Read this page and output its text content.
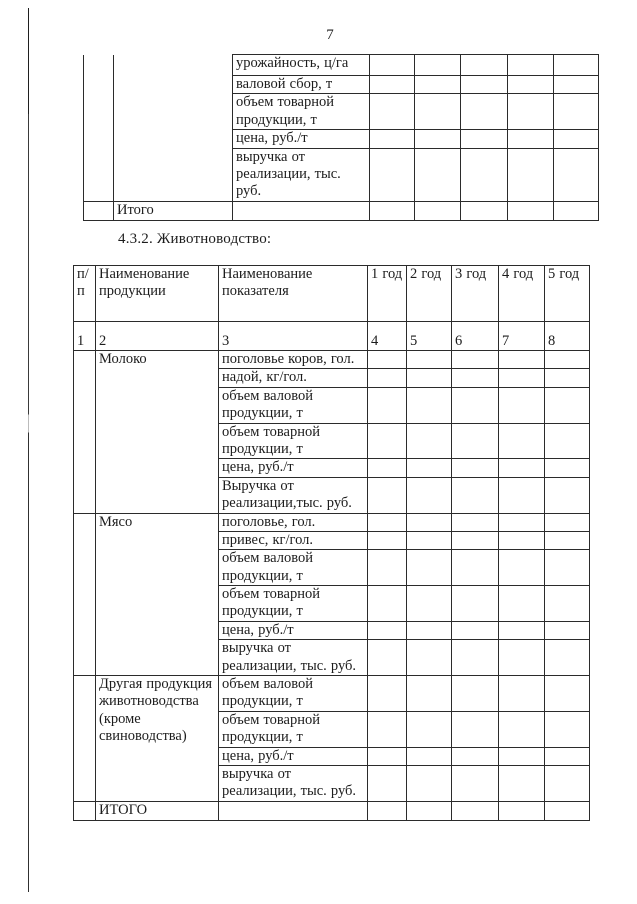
7
		урожайность, ц/га					
		валовой сбор, т					
		объем товарной продукции, т					
		цена, руб./т					
		выручка от реализации, тыс. руб.					
	Итого						
4.3.2. Животноводство:
п/п	Наименование продукции	Наименование показателя	1 год	2 год	3 год	4 год	5 год
1	2	3	4	5	6	7	8
	Молоко	поголовье коров, гол.					
		надой, кг/гол.					
		объем валовой продукции, т					
		объем товарной продукции, т					
		цена, руб./т					
		Выручка от реализации,тыс. руб.					
	Мясо	поголовье, гол.					
		привес, кг/гол.					
		объем валовой продукции, т					
		объем товарной продукции, т					
		цена, руб./т					
		выручка от реализации, тыс. руб.					
	Другая продукция животноводства (кроме свиноводства)	объем валовой продукции, т					
		объем товарной продукции, т					
		цена, руб./т					
		выручка от реализации, тыс. руб.					
	ИТОГО						
